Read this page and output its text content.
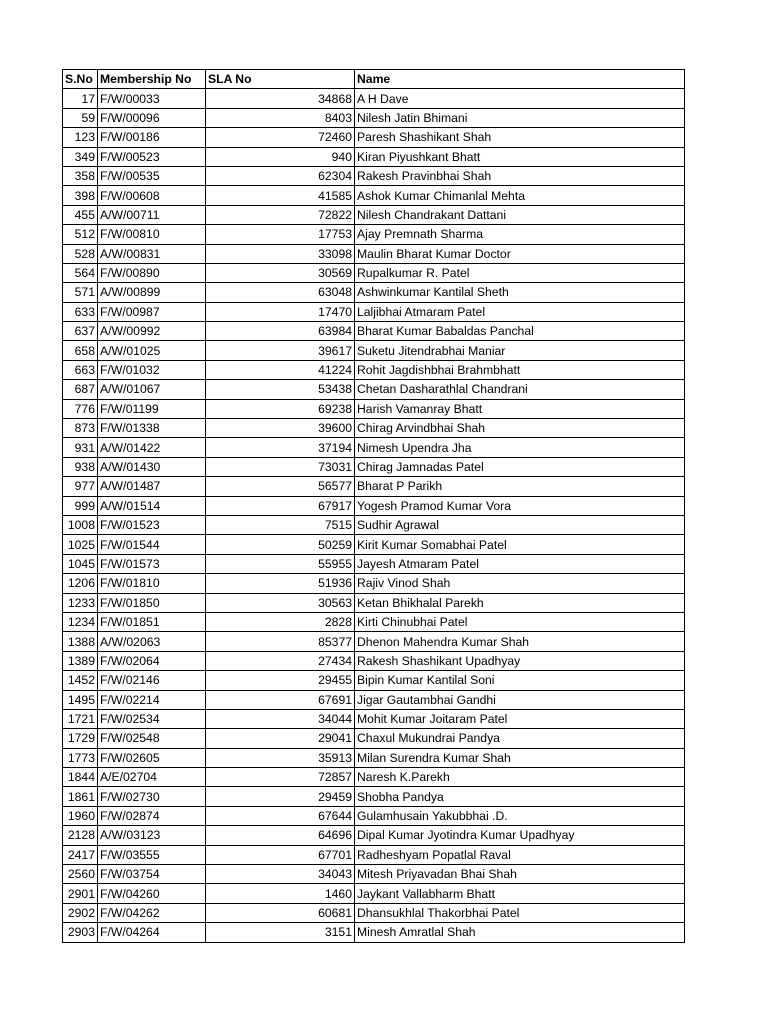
S.No	Membership No	SLA No	Name
17	F/W/00033	34868	A H Dave
59	F/W/00096	8403	Nilesh Jatin Bhimani
123	F/W/00186	72460	Paresh Shashikant Shah
349	F/W/00523	940	Kiran Piyushkant Bhatt
358	F/W/00535	62304	Rakesh Pravinbhai Shah
398	F/W/00608	41585	Ashok Kumar Chimanlal Mehta
455	A/W/00711	72822	Nilesh Chandrakant Dattani
512	F/W/00810	17753	Ajay Premnath Sharma
528	A/W/00831	33098	Maulin Bharat Kumar Doctor
564	F/W/00890	30569	Rupalkumar R. Patel
571	A/W/00899	63048	Ashwinkumar Kantilal Sheth
633	F/W/00987	17470	Laljibhai Atmaram Patel
637	A/W/00992	63984	Bharat Kumar Babaldas Panchal
658	A/W/01025	39617	Suketu Jitendrabhai Maniar
663	F/W/01032	41224	Rohit Jagdishbhai Brahmbhatt
687	A/W/01067	53438	Chetan Dasharathlal Chandrani
776	F/W/01199	69238	Harish Vamanray Bhatt
873	F/W/01338	39600	Chirag Arvindbhai Shah
931	A/W/01422	37194	Nimesh Upendra Jha
938	A/W/01430	73031	Chirag Jamnadas Patel
977	A/W/01487	56577	Bharat P Parikh
999	A/W/01514	67917	Yogesh Pramod Kumar Vora
1008	F/W/01523	7515	Sudhir Agrawal
1025	F/W/01544	50259	Kirit Kumar Somabhai Patel
1045	F/W/01573	55955	Jayesh Atmaram Patel
1206	F/W/01810	51936	Rajiv Vinod Shah
1233	F/W/01850	30563	Ketan Bhikhalal Parekh
1234	F/W/01851	2828	Kirti Chinubhai Patel
1388	A/W/02063	85377	Dhenon Mahendra Kumar Shah
1389	F/W/02064	27434	Rakesh Shashikant Upadhyay
1452	F/W/02146	29455	Bipin Kumar Kantilal Soni
1495	F/W/02214	67691	Jigar Gautambhai Gandhi
1721	F/W/02534	34044	Mohit Kumar Joitaram Patel
1729	F/W/02548	29041	Chaxul Mukundrai Pandya
1773	F/W/02605	35913	Milan Surendra Kumar Shah
1844	A/E/02704	72857	Naresh K.Parekh
1861	F/W/02730	29459	Shobha Pandya
1960	F/W/02874	67644	Gulamhusain Yakubbhai .D.
2128	A/W/03123	64696	Dipal Kumar Jyotindra Kumar Upadhyay
2417	F/W/03555	67701	Radheshyam Popatlal Raval
2560	F/W/03754	34043	Mitesh Priyavadan Bhai Shah
2901	F/W/04260	1460	Jaykant Vallabharm Bhatt
2902	F/W/04262	60681	Dhansukhlal Thakorbhai Patel
2903	F/W/04264	3151	Minesh Amratlal Shah
